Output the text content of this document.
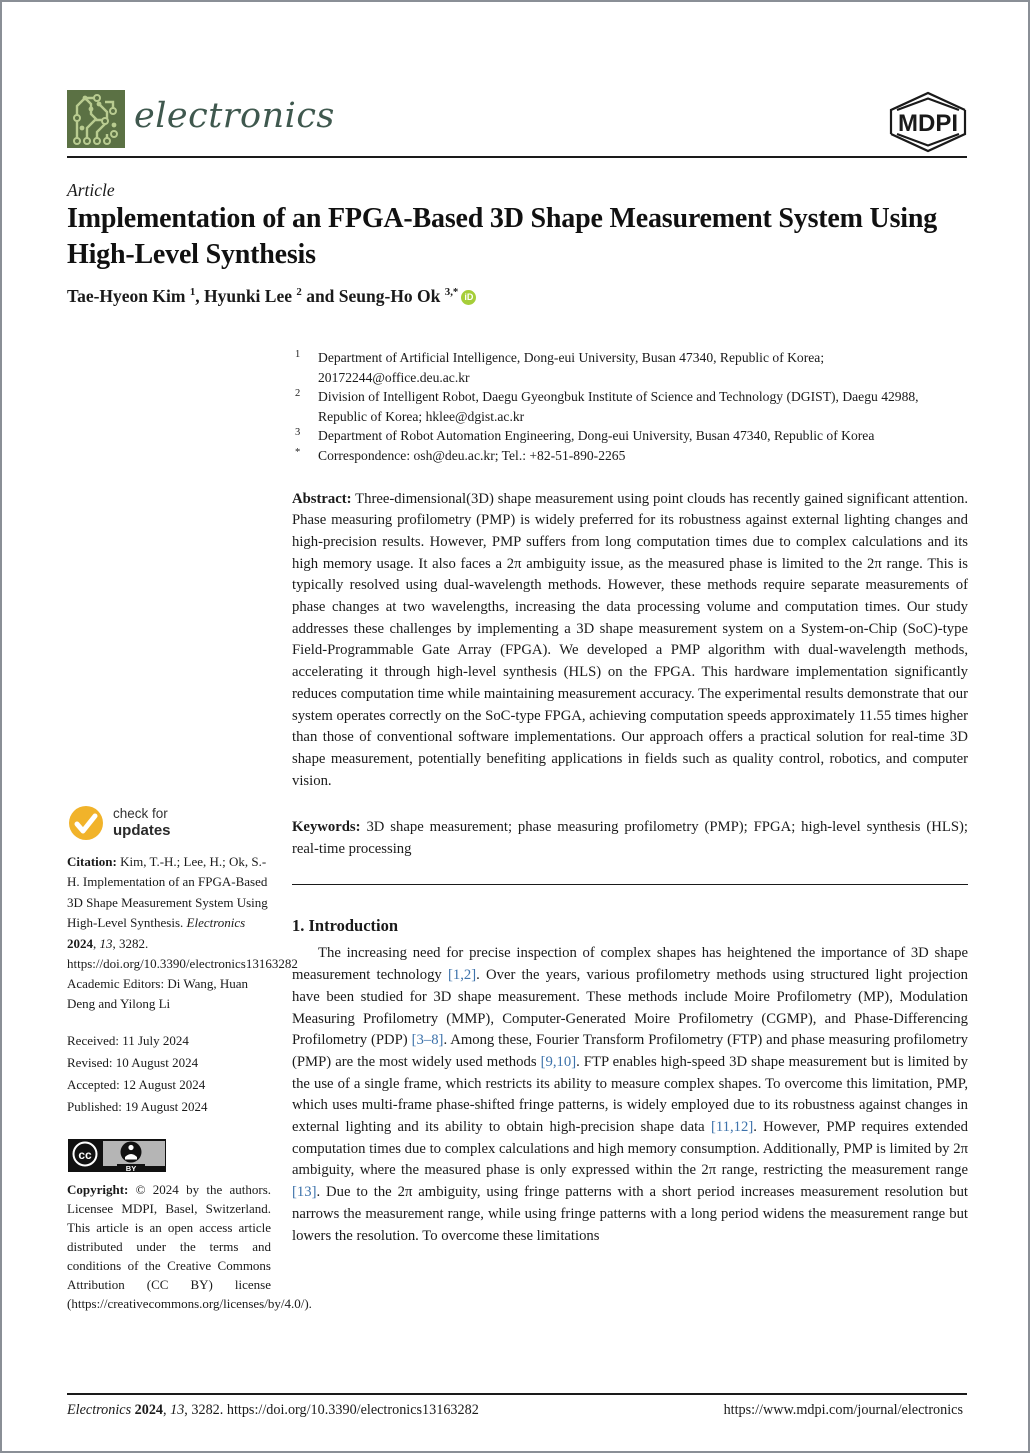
electronics	MDPI
Article
Implementation of an FPGA-Based 3D Shape Measurement System Using High-Level Synthesis
Tae-Hyeon Kim $^1$, Hyunki Lee $^2$ and Seung-Ho Ok $^{3,*}$ iD
1 Department of Artificial Intelligence, Dong-eui University, Busan 47340, Republic of Korea; 20172244@office.deu.ac.kr
2 Division of Intelligent Robot, Daegu Gyeongbuk Institute of Science and Technology (DGIST), Daegu 42988, Republic of Korea; hklee@dgist.ac.kr
3 Department of Robot Automation Engineering, Dong-eui University, Busan 47340, Republic of Korea
* Correspondence: osh@deu.ac.kr; Tel.: +82-51-890-2265
Abstract: Three-dimensional(3D) shape measurement using point clouds has recently gained significant attention. Phase measuring profilometry (PMP) is widely preferred for its robustness against external lighting changes and high-precision results. However, PMP suffers from long computation times due to complex calculations and its high memory usage. It also faces a 2π ambiguity issue, as the measured phase is limited to the 2π range. This is typically resolved using dual-wavelength methods. However, these methods require separate measurements of phase changes at two wavelengths, increasing the data processing volume and computation times. Our study addresses these challenges by implementing a 3D shape measurement system on a System-on-Chip (SoC)-type Field-Programmable Gate Array (FPGA). We developed a PMP algorithm with dual-wavelength methods, accelerating it through high-level synthesis (HLS) on the FPGA. This hardware implementation significantly reduces computation time while maintaining measurement accuracy. The experimental results demonstrate that our system operates correctly on the SoC-type FPGA, achieving computation speeds approximately 11.55 times higher than those of conventional software implementations. Our approach offers a practical solution for real-time 3D shape measurement, potentially benefiting applications in fields such as quality control, robotics, and computer vision.
Keywords: 3D shape measurement; phase measuring profilometry (PMP); FPGA; high-level synthesis (HLS); real-time processing
1. Introduction
The increasing need for precise inspection of complex shapes has heightened the importance of 3D shape measurement technology [1,2]. Over the years, various profilometry methods using structured light projection have been studied for 3D shape measurement. These methods include Moire Profilometry (MP), Modulation Measuring Profilometry (MMP), Computer-Generated Moire Profilometry (CGMP), and Phase-Differencing Profilometry (PDP) [3–8]. Among these, Fourier Transform Profilometry (FTP) and phase measuring profilometry (PMP) are the most widely used methods [9,10]. FTP enables high-speed 3D shape measurement but is limited by the use of a single frame, which restricts its ability to measure complex shapes. To overcome this limitation, PMP, which uses multi-frame phase-shifted fringe patterns, is widely employed due to its robustness against changes in external lighting and its ability to obtain high-precision shape data [11,12]. However, PMP requires extended computation times due to complex calculations and high memory consumption. Additionally, PMP is limited by 2π ambiguity, where the measured phase is only expressed within the 2π range, restricting the measurement range [13]. Due to the 2π ambiguity, using fringe patterns with a short period increases measurement resolution but narrows the measurement range, while using fringe patterns with a long period widens the measurement range but lowers the resolution. To overcome these limitations
check for
updates
Citation: Kim, T.-H.; Lee, H.; Ok, S.-H. Implementation of an FPGA-Based 3D Shape Measurement System Using High-Level Synthesis. Electronics 2024, 13, 3282. https://doi.org/10.3390/electronics13163282
Academic Editors: Di Wang, Huan Deng and Yilong Li
Received: 11 July 2024
Revised: 10 August 2024
Accepted: 12 August 2024
Published: 19 August 2024
cc
BY
Copyright: © 2024 by the authors. Licensee MDPI, Basel, Switzerland. This article is an open access article distributed under the terms and conditions of the Creative Commons Attribution (CC BY) license (https://creativecommons.org/licenses/by/4.0/).
Electronics 2024, 13, 3282. https://doi.org/10.3390/electronics13163282	https://www.mdpi.com/journal/electronics
